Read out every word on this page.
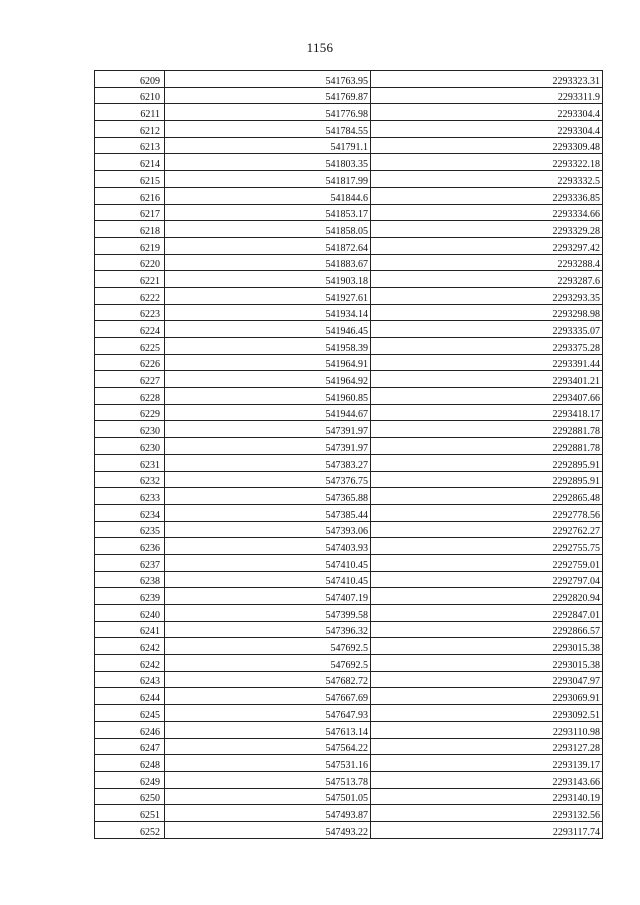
1156
6209	541763.95	2293323.31
6210	541769.87	2293311.9
6211	541776.98	2293304.4
6212	541784.55	2293304.4
6213	541791.1	2293309.48
6214	541803.35	2293322.18
6215	541817.99	2293332.5
6216	541844.6	2293336.85
6217	541853.17	2293334.66
6218	541858.05	2293329.28
6219	541872.64	2293297.42
6220	541883.67	2293288.4
6221	541903.18	2293287.6
6222	541927.61	2293293.35
6223	541934.14	2293298.98
6224	541946.45	2293335.07
6225	541958.39	2293375.28
6226	541964.91	2293391.44
6227	541964.92	2293401.21
6228	541960.85	2293407.66
6229	541944.67	2293418.17
6230	547391.97	2292881.78
6230	547391.97	2292881.78
6231	547383.27	2292895.91
6232	547376.75	2292895.91
6233	547365.88	2292865.48
6234	547385.44	2292778.56
6235	547393.06	2292762.27
6236	547403.93	2292755.75
6237	547410.45	2292759.01
6238	547410.45	2292797.04
6239	547407.19	2292820.94
6240	547399.58	2292847.01
6241	547396.32	2292866.57
6242	547692.5	2293015.38
6242	547692.5	2293015.38
6243	547682.72	2293047.97
6244	547667.69	2293069.91
6245	547647.93	2293092.51
6246	547613.14	2293110.98
6247	547564.22	2293127.28
6248	547531.16	2293139.17
6249	547513.78	2293143.66
6250	547501.05	2293140.19
6251	547493.87	2293132.56
6252	547493.22	2293117.74
